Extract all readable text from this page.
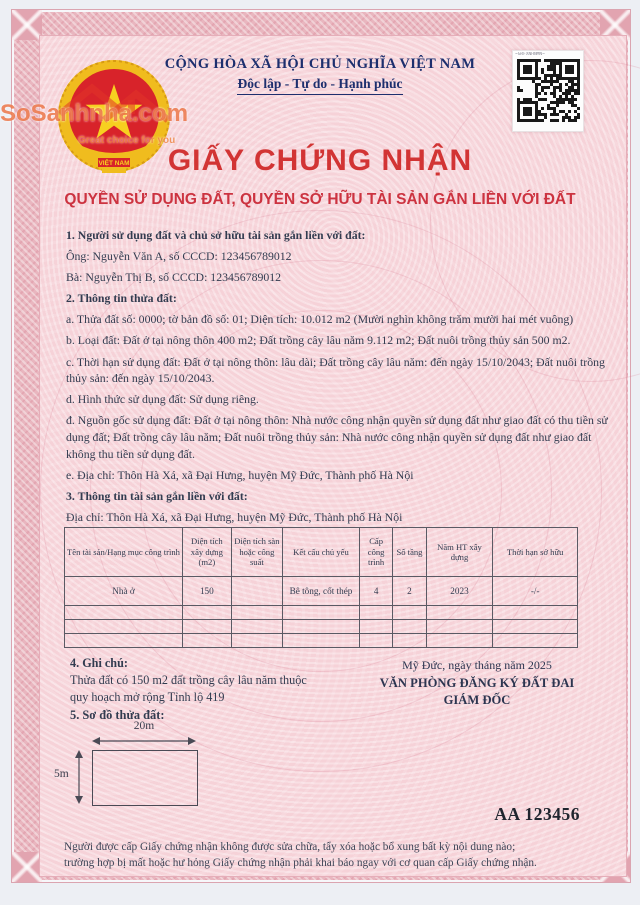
VIỆT NAM
SoSanhnha.com
Great choice for you
CỘNG HÒA XÃ HỘI CHỦ NGHĨA VIỆT NAM
Độc lập - Tự do - Hạnh phúc
~GRFXNHNMN~
GIẤY CHỨNG NHẬN
QUYỀN SỬ DỤNG ĐẤT, QUYỀN SỞ HỮU TÀI SẢN GẮN LIỀN VỚI ĐẤT

1. Người sử dụng đất và chủ sở hữu tài sản gắn liền với đất:

Ông: Nguyễn Văn A, số CCCD: 123456789012

Bà: Nguyễn Thị B, số CCCD: 123456789012

2. Thông tin thửa đất:

a. Thửa đất số: 0000; tờ bản đồ số: 01; Diện tích: 10.012 m2 (Mười nghìn không trăm mười hai mét vuông)

b. Loại đất: Đất ở tại nông thôn 400 m2; Đất trồng cây lâu năm 9.112 m2; Đất nuôi trồng thủy sản 500 m2.

c. Thời hạn sử dụng đất: Đất ở tại nông thôn: lâu dài; Đất trồng cây lâu năm: đến ngày 15/10/2043; Đất nuôi trồng thủy sản: đến ngày 15/10/2043.

d. Hình thức sử dụng đất: Sử dụng riêng.

đ. Nguồn gốc sử dụng đất: Đất ở tại nông thôn: Nhà nước công nhận quyền sử dụng đất như giao đất có thu tiền sử dụng đất; Đất trồng cây lâu năm; Đất nuôi trồng thủy sản: Nhà nước công nhận quyền sử dụng đất như giao đất không thu tiền sử dụng đất.

e. Địa chỉ: Thôn Hà Xá, xã Đại Hưng, huyện Mỹ Đức, Thành phố Hà Nội

3. Thông tin tài sản gắn liền với đất:

Địa chỉ: Thôn Hà Xá, xã Đại Hưng, huyện Mỹ Đức, Thành phố Hà Nội

Tên tài sản/Hạng mục công trình	Diện tích xây dựng (m2)	Diện tích sàn hoặc công suất	Kết cấu chủ yếu	Cấp công trình	Số tầng	Năm HT xây dựng	Thời hạn sở hữu
Nhà ở	150		Bê tông, cốt thép	4	2	2023	-/-

4. Ghi chú:
Thửa đất có 150 m2 đất trồng cây lâu năm thuộc
quy hoạch mở rộng Tỉnh lộ 419
Mỹ Đức, ngày tháng năm 2025
VĂN PHÒNG ĐĂNG KÝ ĐẤT ĐAI
GIÁM ĐỐC
5. Sơ đồ thửa đất:
20m
5m
AA 123456
Người được cấp Giấy chứng nhận không được sửa chữa, tẩy xóa hoặc bổ xung bất kỳ nội dung nào;
trường hợp bị mất hoặc hư hỏng Giấy chứng nhận phải khai báo ngay với cơ quan cấp Giấy chứng nhận.
